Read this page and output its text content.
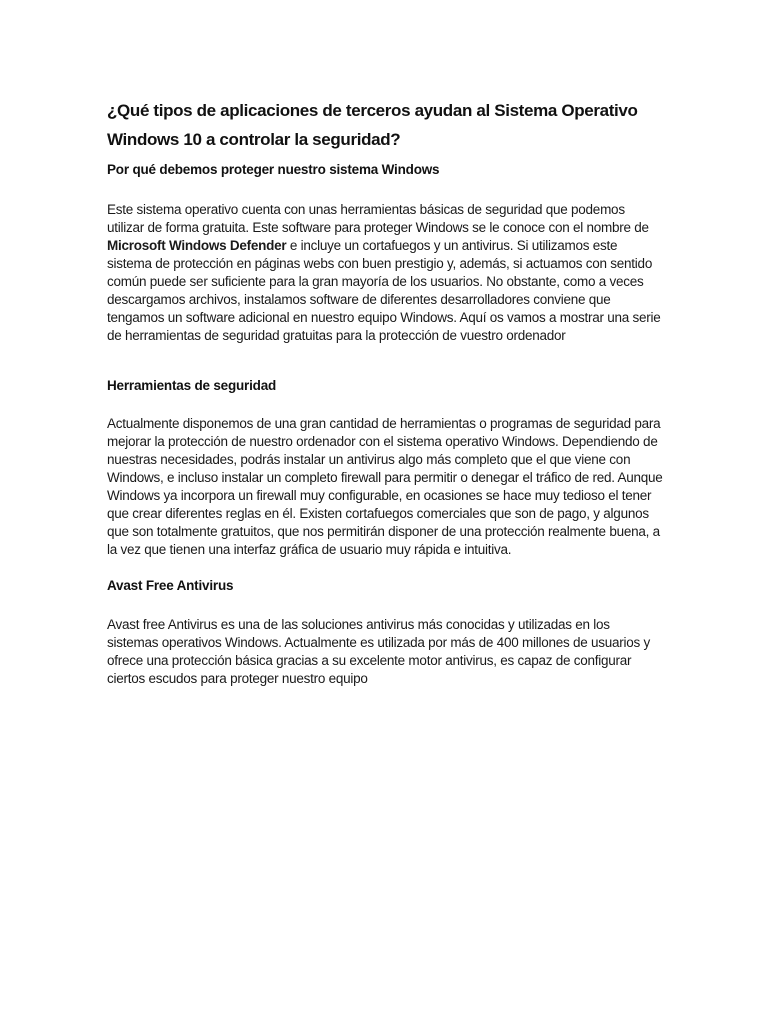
¿Qué tipos de aplicaciones de terceros ayudan al Sistema Operativo Windows 10 a controlar la seguridad?
Por qué debemos proteger nuestro sistema Windows

Este sistema operativo cuenta con unas herramientas básicas de seguridad que podemos utilizar de forma gratuita. Este software para proteger Windows se le conoce con el nombre de Microsoft Windows Defender e incluye un cortafuegos y un antivirus. Si utilizamos este sistema de protección en páginas webs con buen prestigio y, además, si actuamos con sentido común puede ser suficiente para la gran mayoría de los usuarios. No obstante, como a veces descargamos archivos, instalamos software de diferentes desarrolladores conviene que tengamos un software adicional en nuestro equipo Windows. Aquí os vamos a mostrar una serie de herramientas de seguridad gratuitas para la protección de vuestro ordenador

Herramientas de seguridad

Actualmente disponemos de una gran cantidad de herramientas o programas de seguridad para mejorar la protección de nuestro ordenador con el sistema operativo Windows. Dependiendo de nuestras necesidades, podrás instalar un antivirus algo más completo que el que viene con Windows, e incluso instalar un completo firewall para permitir o denegar el tráfico de red. Aunque Windows ya incorpora un firewall muy configurable, en ocasiones se hace muy tedioso el tener que crear diferentes reglas en él. Existen cortafuegos comerciales que son de pago, y algunos que son totalmente gratuitos, que nos permitirán disponer de una protección realmente buena, a la vez que tienen una interfaz gráfica de usuario muy rápida e intuitiva.

Avast Free Antivirus

Avast free Antivirus es una de las soluciones antivirus más conocidas y utilizadas en los sistemas operativos Windows. Actualmente es utilizada por más de 400 millones de usuarios y ofrece una protección básica gracias a su excelente motor antivirus, es capaz de configurar ciertos escudos para proteger nuestro equipo
